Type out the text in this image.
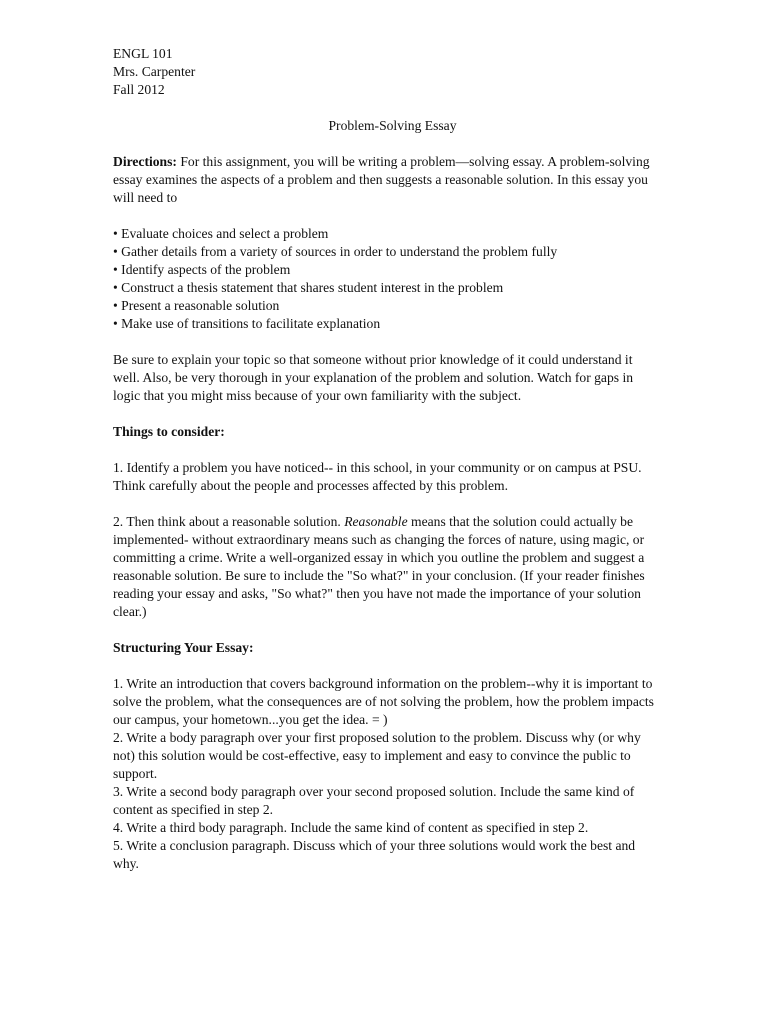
ENGL 101
Mrs. Carpenter
Fall 2012
Problem-Solving Essay

Directions: For this assignment, you will be writing a problem—solving essay. A problem-solving essay examines the aspects of a problem and then suggests a reasonable solution. In this essay you will need to

• Evaluate choices and select a problem
• Gather details from a variety of sources in order to understand the problem fully
• Identify aspects of the problem
• Construct a thesis statement that shares student interest in the problem
• Present a reasonable solution
• Make use of transitions to facilitate explanation

Be sure to explain your topic so that someone without prior knowledge of it could understand it well. Also, be very thorough in your explanation of the problem and solution. Watch for gaps in logic that you might miss because of your own familiarity with the subject.

Things to consider:

1. Identify a problem you have noticed-- in this school, in your community or on campus at PSU. Think carefully about the people and processes affected by this problem.

2. Then think about a reasonable solution. Reasonable means that the solution could actually be implemented- without extraordinary means such as changing the forces of nature, using magic, or committing a crime. Write a well-organized essay in which you outline the problem and suggest a reasonable solution. Be sure to include the "So what?" in your conclusion. (If your reader finishes reading your essay and asks, "So what?" then you have not made the importance of your solution clear.)

Structuring Your Essay:

1. Write an introduction that covers background information on the problem--why it is important to solve the problem, what the consequences are of not solving the problem, how the problem impacts our campus, your hometown...you get the idea. = )
2. Write a body paragraph over your first proposed solution to the problem. Discuss why (or why not) this solution would be cost-effective, easy to implement and easy to convince the public to support.
3. Write a second body paragraph over your second proposed solution. Include the same kind of content as specified in step 2.
4. Write a third body paragraph. Include the same kind of content as specified in step 2.
5. Write a conclusion paragraph. Discuss which of your three solutions would work the best and why.
